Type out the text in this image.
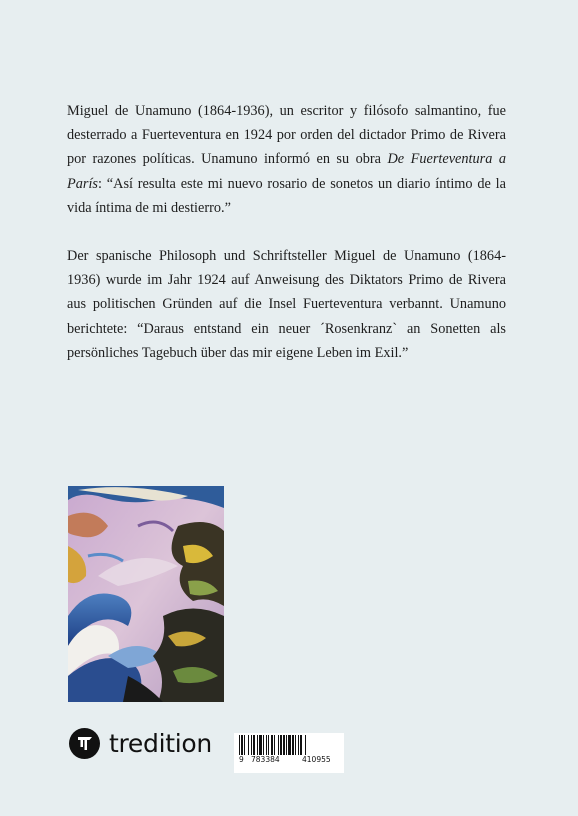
Miguel de Unamuno (1864-1936), un escritor y filósofo salmantino, fue desterrado a Fuerteventura en 1924 por orden del dictador Primo de Rivera por razones políticas. Unamuno informó en su obra De Fuerteventura a París: “Así resulta este mi nuevo rosario de sonetos un diario íntimo de la vida íntima de mi destierro.”

Der spanische Philosoph und Schriftsteller Miguel de Unamuno (1864-1936) wurde im Jahr 1924 auf Anweisung des Diktators Primo de Rivera aus politischen Gründen auf die Insel Fuerteventura verbannt. Unamuno berichtete: “Daraus entstand ein neuer ´Rosenkranz` an Sonetten als persönliches Tagebuch über das mir eigene Leben im Exil.”

tredition
9 783384	410955
